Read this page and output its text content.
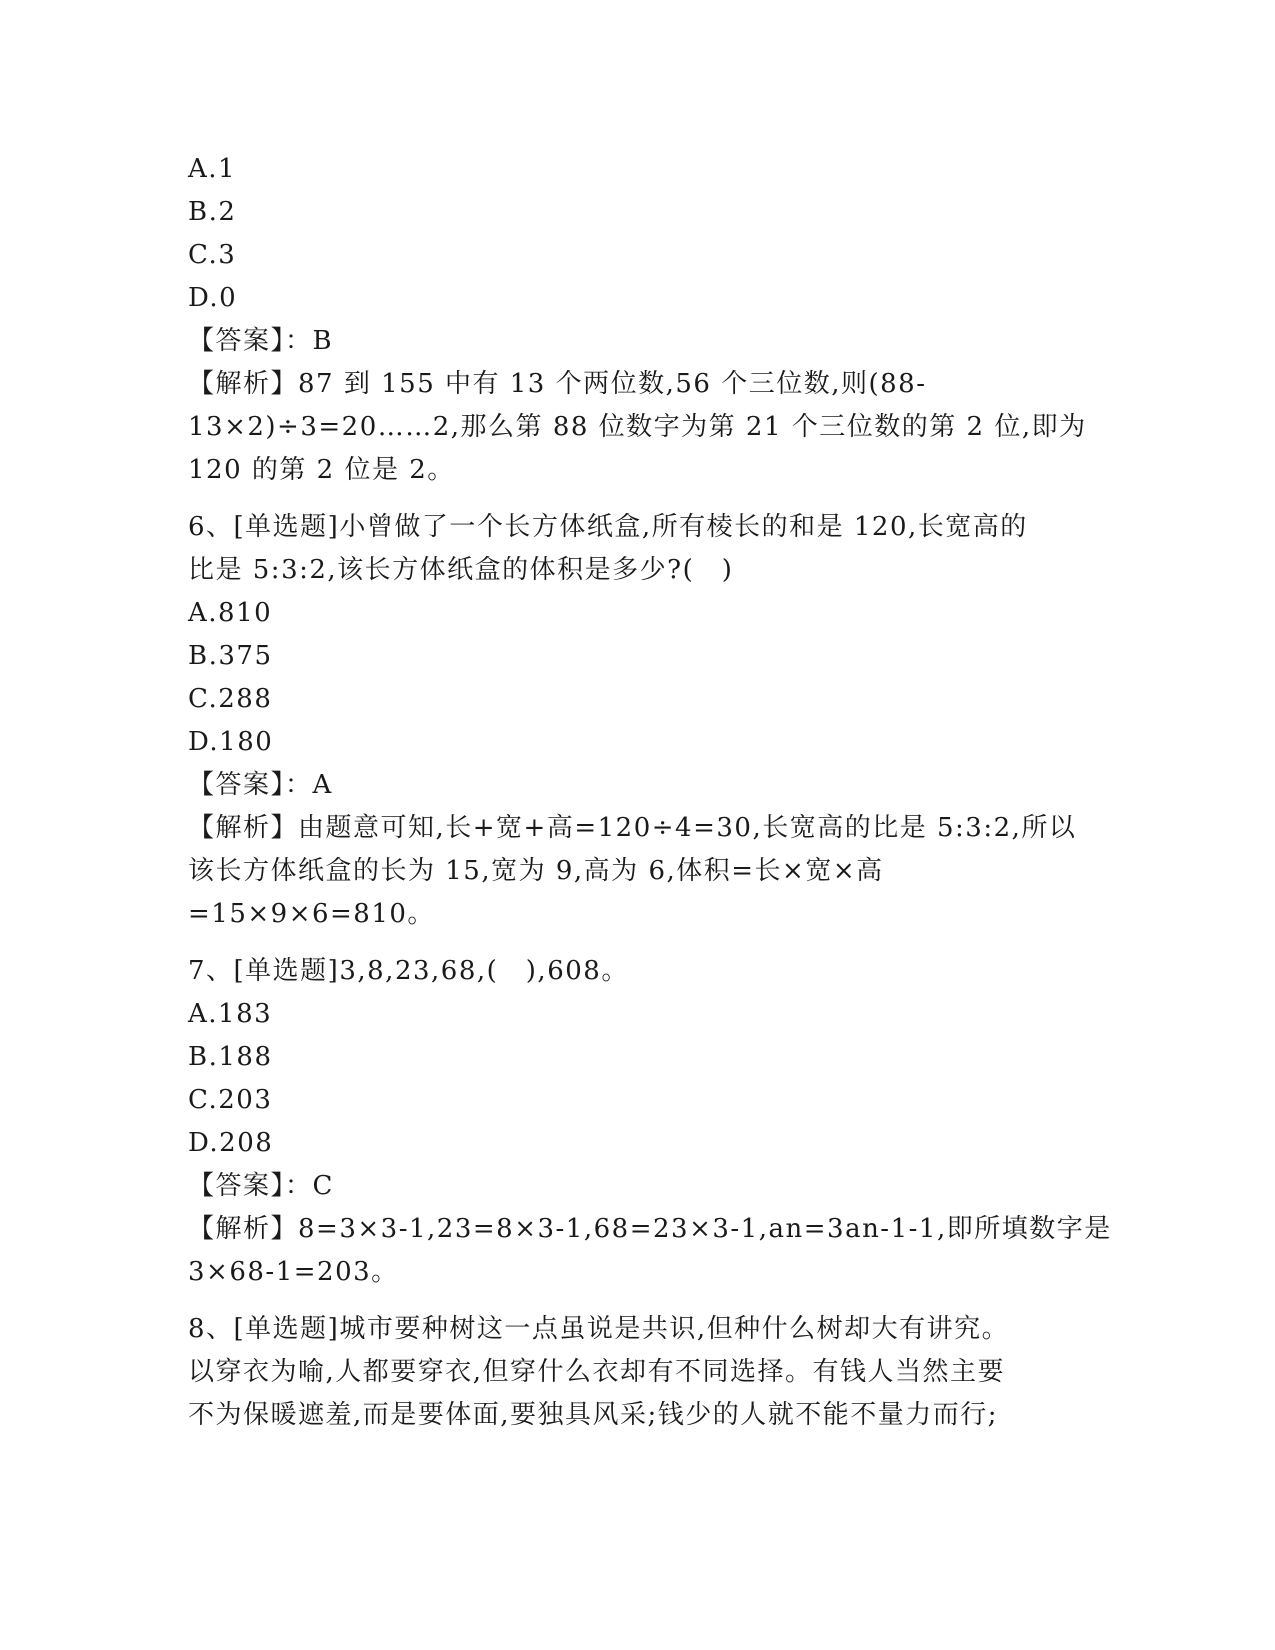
A.1
B.2
C.3
D.0
【答案】：B
【解析】87 到 155 中有 13 个两位数,56 个三位数,则(88-
13×2)÷3=20……2,那么第 88 位数字为第 21 个三位数的第 2 位,即为
120 的第 2 位是 2。
6、[单选题]小曾做了一个长方体纸盒,所有棱长的和是 120,长宽高的
比是 5:3:2,该长方体纸盒的体积是多少?(　)
A.810
B.375
C.288
D.180
【答案】：A
【解析】由题意可知,长+宽+高=120÷4=30,长宽高的比是 5:3:2,所以
该长方体纸盒的长为 15,宽为 9,高为 6,体积=长×宽×高
=15×9×6=810。
7、[单选题]3,8,23,68,(　),608。
A.183
B.188
C.203
D.208
【答案】：C
【解析】8=3×3-1,23=8×3-1,68=23×3-1,an=3an-1-1,即所填数字是
3×68-1=203。
8、[单选题]城市要种树这一点虽说是共识,但种什么树却大有讲究。
以穿衣为喻,人都要穿衣,但穿什么衣却有不同选择。有钱人当然主要
不为保暖遮羞,而是要体面,要独具风采;钱少的人就不能不量力而行;
